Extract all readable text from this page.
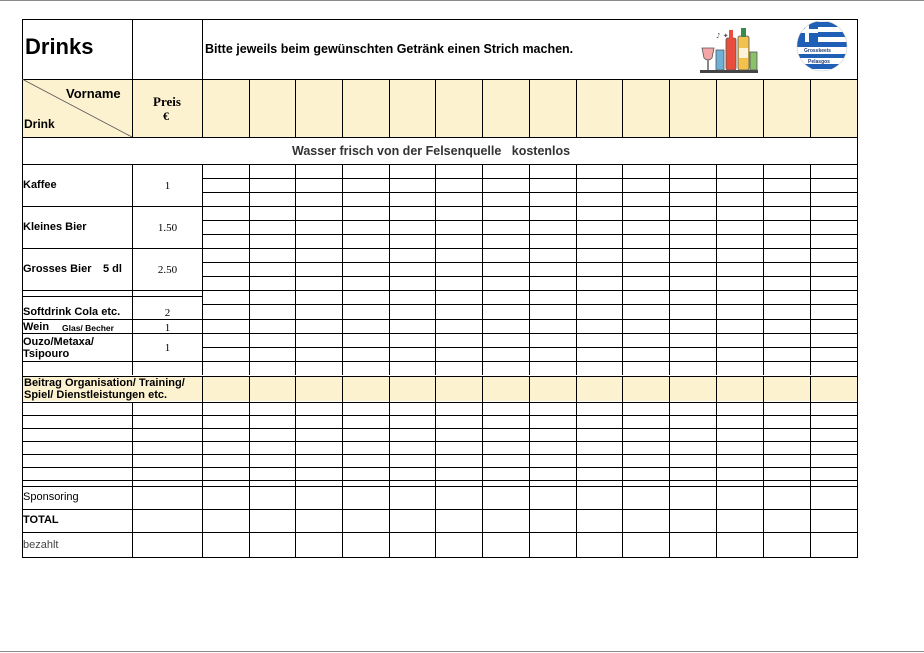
Drinks	Bitte jeweils beim gewünschten Getränk einen Strich machen.
♪ ✦
Grosskeeis
Pelasgos
Vorname
Drink
Preis
€
Wasser frisch von der Felsenquelle   kostenlos
Kaffee
Kleines Bier
Grosses Bier 5 dl
Softdrink Cola etc.
Wein Glas/ Becher
Ouzo/Metaxa/ Tsipouro
1
1.50
2.50
2
1
1
Beitrag Organisation/ Training/
Spiel/ Dienstleistungen etc.
Sponsoring
TOTAL
bezahlt
